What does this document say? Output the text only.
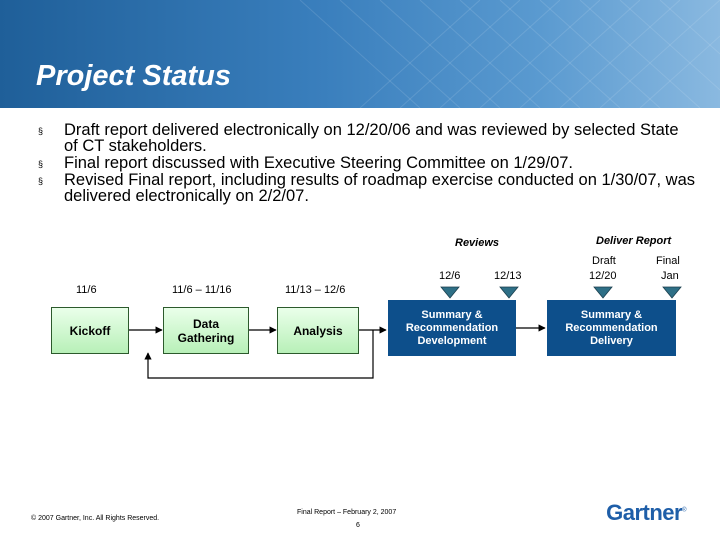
Project Status
§ Draft report delivered electronically on 12/20/06 and was reviewed by selected State of CT stakeholders.
§ Final report discussed with Executive Steering Committee on 1/29/07.
§ Revised Final report, including results of roadmap exercise conducted on 1/30/07, was delivered electronically on 2/2/07.
Reviews	Deliver Report
11/6	11/6 – 11/16	11/13 – 12/6
12/6	12/13
Draft
12/20
Final
Jan
Kickoff	Data Gathering	Analysis
Summary & Recommendation Development
Summary & Recommendation Delivery
© 2007 Gartner, Inc. All Rights Reserved.
Final Report – February 2, 2007
6
Gartner®
